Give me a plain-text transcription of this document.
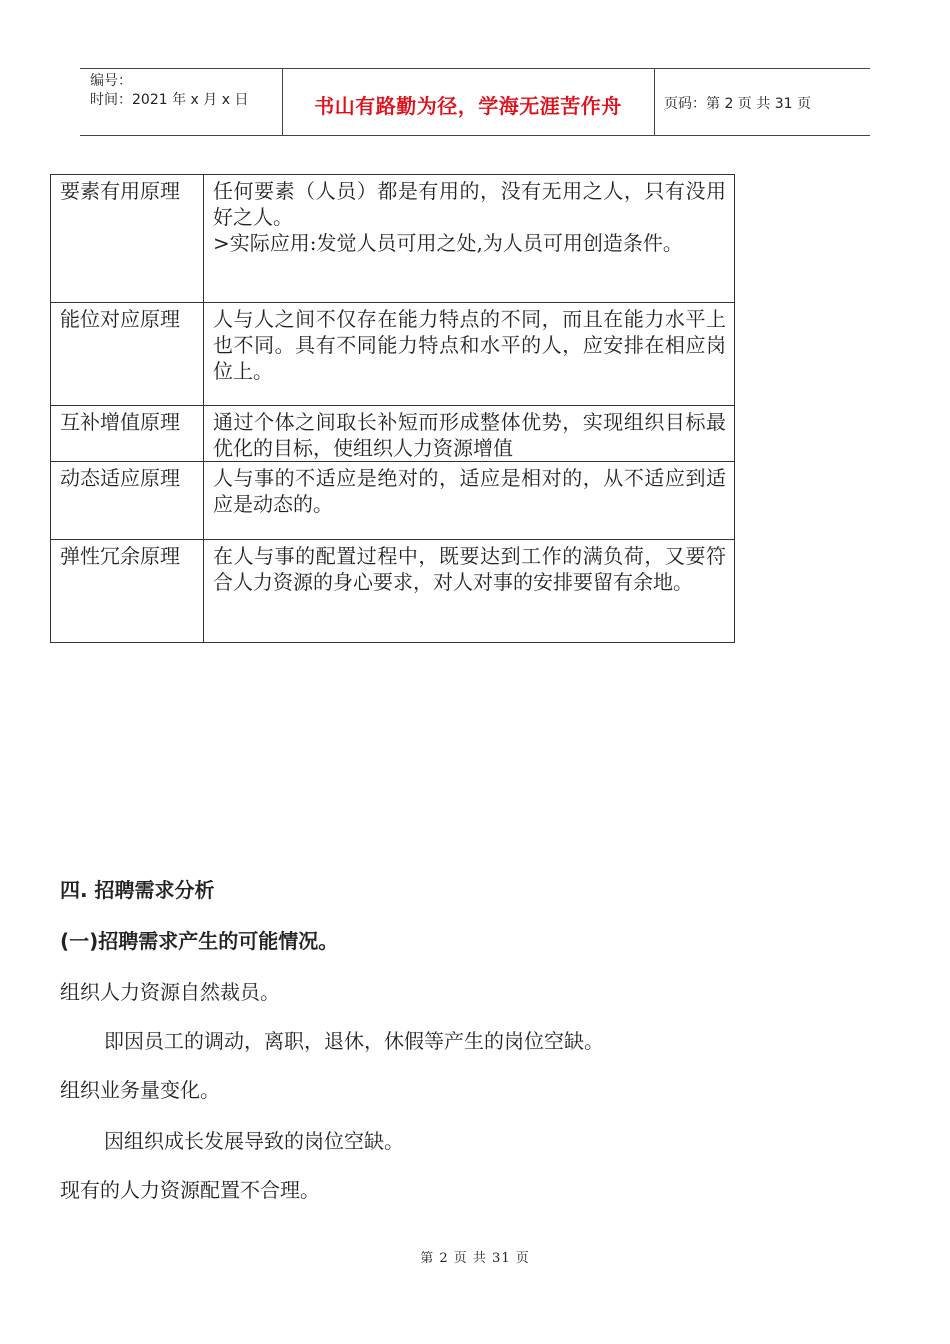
编号：
时间：2021 年 x 月 x 日	书山有路勤为径，学海无涯苦作舟	页码：第 2 页 共 31 页
要素有用原理	任何要素（人员）都是有用的，没有无用之人，只有没用好之人。
>实际应用:发觉人员可用之处,为人员可用创造条件。

能位对应原理	人与人之间不仅存在能力特点的不同，而且在能力水平上也不同。具有不同能力特点和水平的人，应安排在相应岗位上。

互补增值原理	通过个体之间取长补短而形成整体优势，实现组织目标最优化的目标，使组织人力资源增值

动态适应原理	人与事的不适应是绝对的，适应是相对的，从不适应到适应是动态的。

弹性冗余原理	在人与事的配置过程中，既要达到工作的满负荷，又要符合人力资源的身心要求，对人对事的安排要留有余地。
四. 招聘需求分析
(一)招聘需求产生的可能情况。
组织人力资源自然裁员。
即因员工的调动，离职，退休，休假等产生的岗位空缺。
组织业务量变化。
因组织成长发展导致的岗位空缺。
现有的人力资源配置不合理。
第 2 页 共 31 页
